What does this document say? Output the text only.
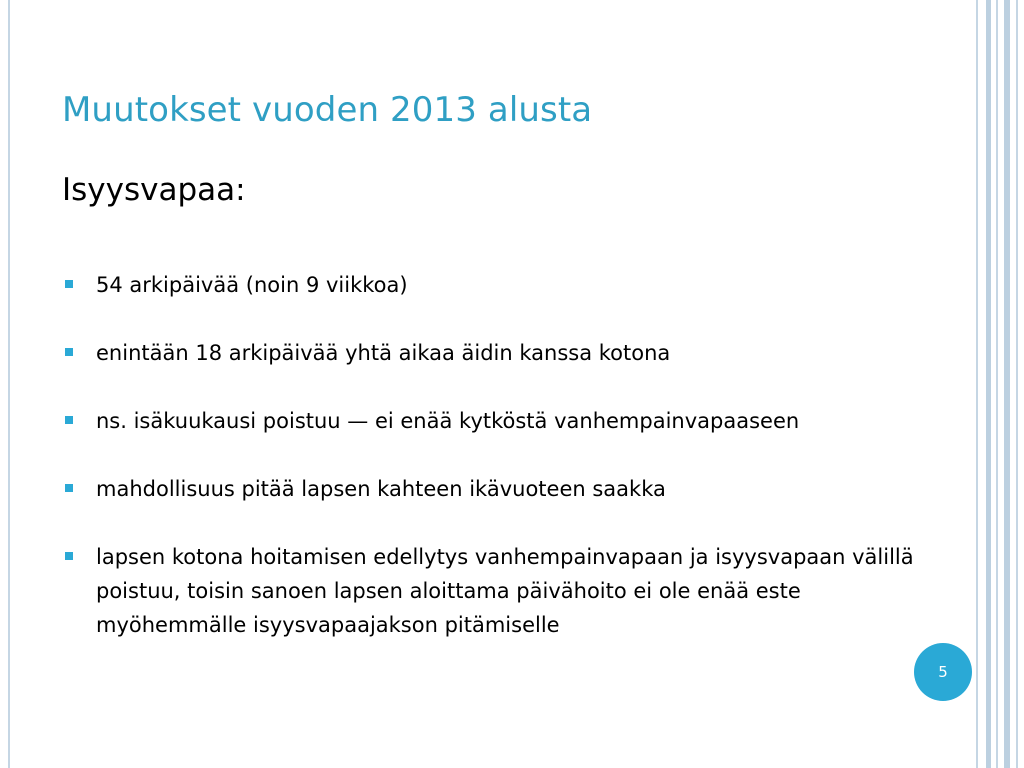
Muutokset vuoden 2013 alusta
Isyysvapaa:
54 arkipäivää (noin 9 viikkoa)
enintään 18 arkipäivää yhtä aikaa äidin kanssa kotona
ns. isäkuukausi poistuu — ei enää kytköstä vanhempainvapaaseen
mahdollisuus pitää lapsen kahteen ikävuoteen saakka
lapsen kotona hoitamisen edellytys vanhempainvapaan ja isyysvapaan välillä poistuu, toisin sanoen lapsen aloittama päivähoito ei ole enää este myöhemmälle isyysvapaajakson pitämiselle
5
